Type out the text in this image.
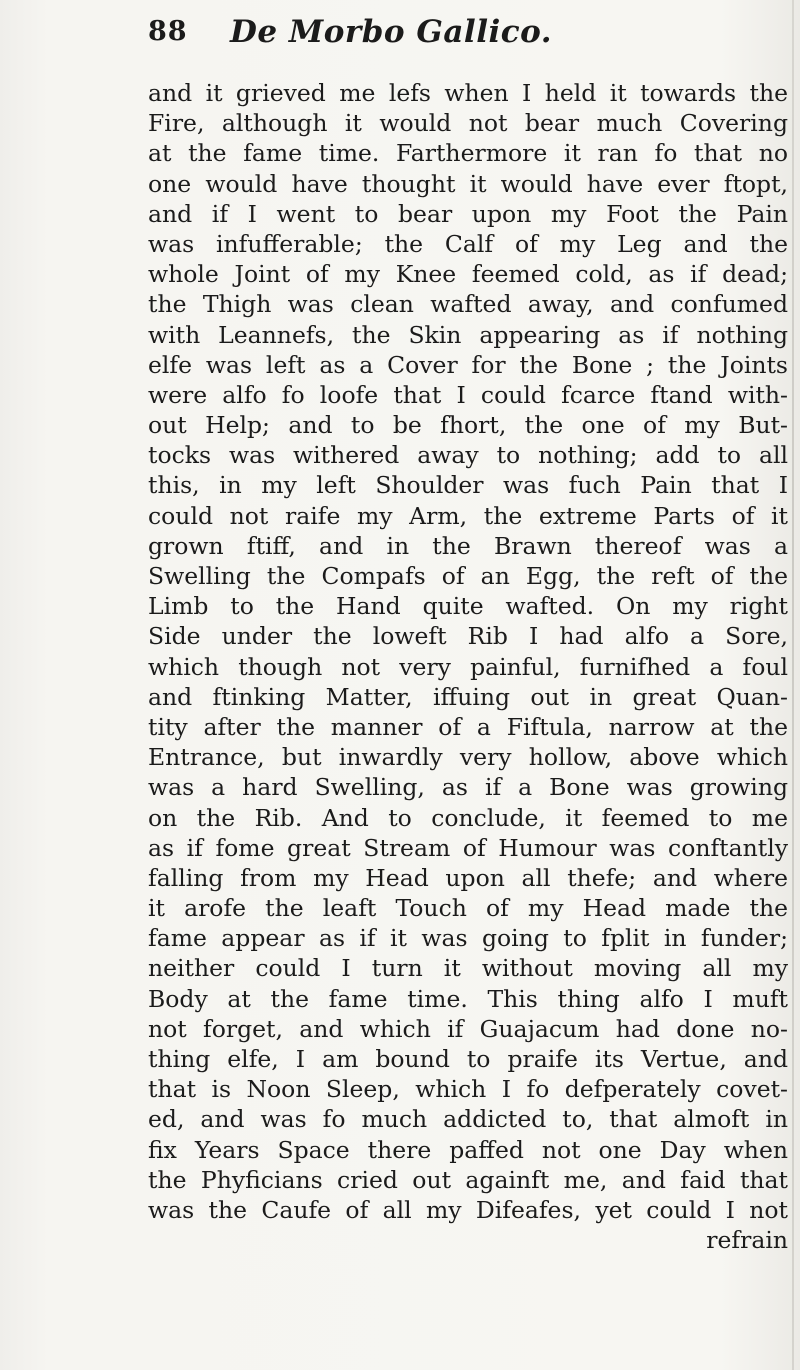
88 De Morbo Gallico.
and it grieved me lefs when I held it towards the
Fire, although it would not bear much Covering
at the fame time. Farthermore it ran fo that no
one would have thought it would have ever ftopt,
and if I went to bear upon my Foot the Pain
was infufferable; the Calf of my Leg and the
whole Joint of my Knee feemed cold, as if dead;
the Thigh was clean wafted away, and confumed
with Leannefs, the Skin appearing as if nothing
elfe was left as a Cover for the Bone ; the Joints
were alfo fo loofe that I could fcarce ftand with-
out Help; and to be fhort, the one of my But-
tocks was withered away to nothing; add to all
this, in my left Shoulder was fuch Pain that I
could not raife my Arm, the extreme Parts of it
grown ftiff, and in the Brawn thereof was a
Swelling the Compafs of an Egg, the reft of the
Limb to the Hand quite wafted. On my right
Side under the loweft Rib I had alfo a Sore,
which though not very painful, furnifhed a foul
and ftinking Matter, iffuing out in great Quan-
tity after the manner of a Fiftula, narrow at the
Entrance, but inwardly very hollow, above which
was a hard Swelling, as if a Bone was growing
on the Rib. And to conclude, it feemed to me
as if fome great Stream of Humour was conftantly
falling from my Head upon all thefe; and where
it arofe the leaft Touch of my Head made the
fame appear as if it was going to fplit in funder;
neither could I turn it without moving all my
Body at the fame time. This thing alfo I muft
not forget, and which if Guajacum had done no-
thing elfe, I am bound to praife its Vertue, and
that is Noon Sleep, which I fo defperately covet-
ed, and was fo much addicted to, that almoft in
fix Years Space there paffed not one Day when
the Phyficians cried out againft me, and faid that
was the Caufe of all my Difeafes, yet could I not
refrain
